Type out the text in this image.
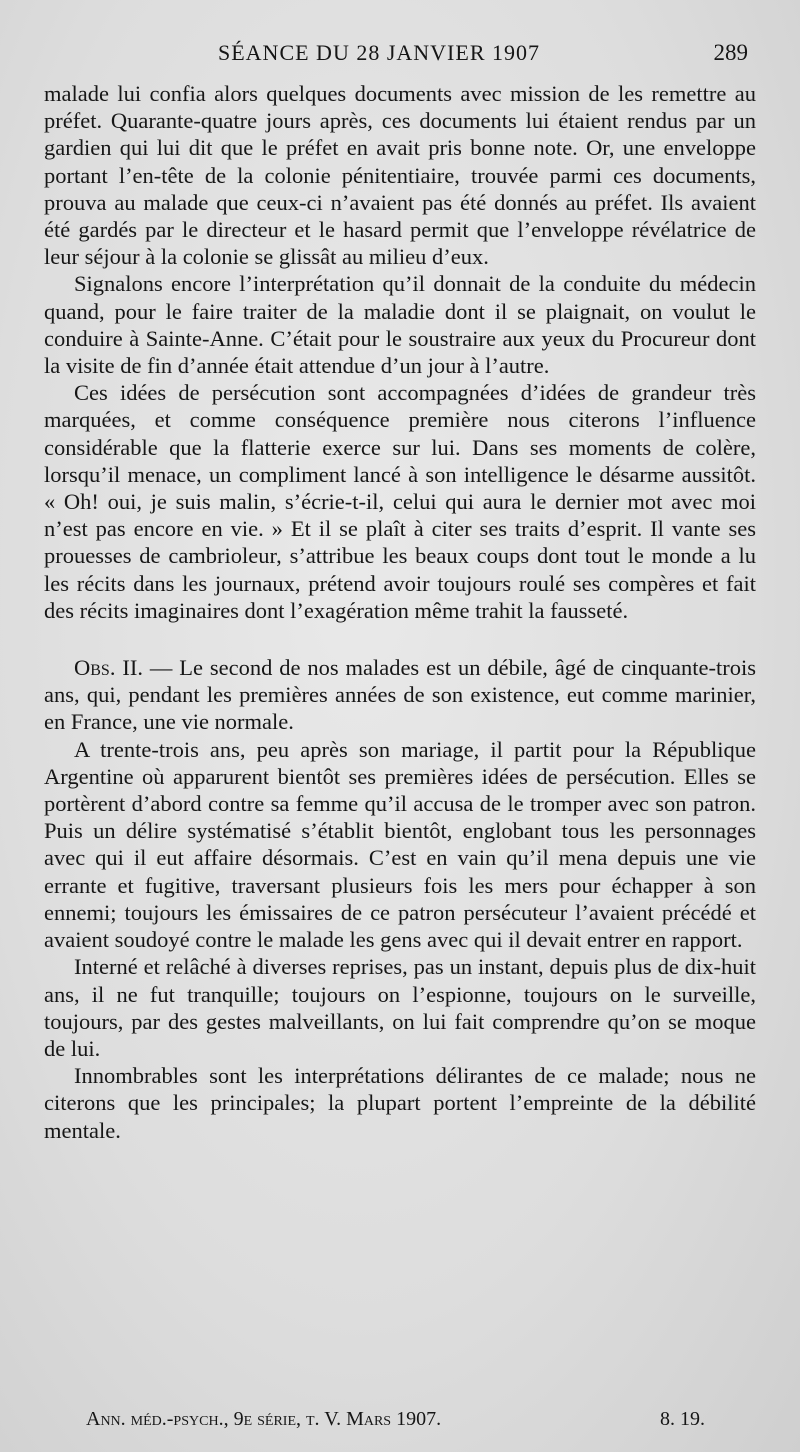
SÉANCE DU 28 JANVIER 1907	289

malade lui confia alors quelques documents avec mission de les remettre au préfet. Quarante-quatre jours après, ces documents lui étaient rendus par un gardien qui lui dit que le préfet en avait pris bonne note. Or, une enveloppe portant l’en-tête de la colonie pénitentiaire, trouvée parmi ces documents, prouva au malade que ceux-ci n’avaient pas été donnés au préfet. Ils avaient été gardés par le directeur et le hasard permit que l’enveloppe révélatrice de leur séjour à la colonie se glissât au milieu d’eux.

Signalons encore l’interprétation qu’il donnait de la conduite du médecin quand, pour le faire traiter de la maladie dont il se plaignait, on voulut le conduire à Sainte-Anne. C’était pour le soustraire aux yeux du Procureur dont la visite de fin d’année était attendue d’un jour à l’autre.

Ces idées de persécution sont accompagnées d’idées de grandeur très marquées, et comme conséquence première nous citerons l’influence considérable que la flatterie exerce sur lui. Dans ses moments de colère, lorsqu’il menace, un compliment lancé à son intelligence le désarme aussitôt. « Oh! oui, je suis malin, s’écrie-t-il, celui qui aura le dernier mot avec moi n’est pas encore en vie. » Et il se plaît à citer ses traits d’esprit. Il vante ses prouesses de cambrioleur, s’attribue les beaux coups dont tout le monde a lu les récits dans les journaux, prétend avoir toujours roulé ses compères et fait des récits imaginaires dont l’exagération même trahit la fausseté.

Obs. II. — Le second de nos malades est un débile, âgé de cinquante-trois ans, qui, pendant les premières années de son existence, eut comme marinier, en France, une vie normale.

A trente-trois ans, peu après son mariage, il partit pour la République Argentine où apparurent bientôt ses premières idées de persécution. Elles se portèrent d’abord contre sa femme qu’il accusa de le tromper avec son patron. Puis un délire systématisé s’établit bientôt, englobant tous les personnages avec qui il eut affaire désormais. C’est en vain qu’il mena depuis une vie errante et fugitive, traversant plusieurs fois les mers pour échapper à son ennemi; toujours les émissaires de ce patron persécuteur l’avaient précédé et avaient soudoyé contre le malade les gens avec qui il devait entrer en rapport.

Interné et relâché à diverses reprises, pas un instant, depuis plus de dix-huit ans, il ne fut tranquille; toujours on l’espionne, toujours on le surveille, toujours, par des gestes malveillants, on lui fait comprendre qu’on se moque de lui.

Innombrables sont les interprétations délirantes de ce malade; nous ne citerons que les principales; la plupart portent l’empreinte de la débilité mentale.

Ann. méd.-psych., 9e série, t. V. Mars 1907.	8. 19.
